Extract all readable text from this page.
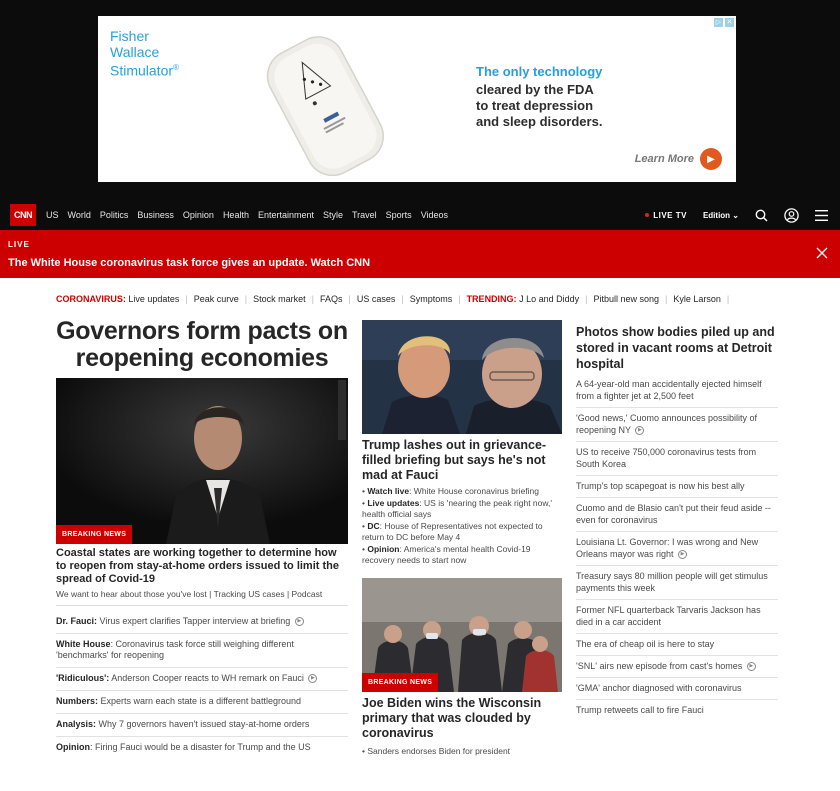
Fisher
Wallace
Stimulator®	The only technology
cleared by the FDA
to treat depression
and sleep disorders.
Learn More	▶
▷ ✕
CNN	US World Politics Business Opinion Health Entertainment Style Travel Sports Videos	LIVE TV Edition ⌄
LIVE
The White House coronavirus task force gives an update. Watch CNN
CORONAVIRUS:
Live updates | Peak curve | Stock market | FAQs | US cases | Symptoms | TRENDING:
J Lo and Diddy | Pitbull new song | Kyle Larson |
Governors form pacts on reopening economies
BREAKING NEWS
Coastal states are working together to determine how to reopen from stay-at-home orders issued to limit the spread of Covid-19
We want to hear about those you've lost | Tracking US cases | Podcast
Dr. Fauci: Virus expert clarifies Tapper interview at briefing ▶
White House: Coronavirus task force still weighing different 'benchmarks' for reopening
'Ridiculous': Anderson Cooper reacts to WH remark on Fauci ▶
Numbers: Experts warn each state is a different battleground
Analysis: Why 7 governors haven't issued stay-at-home orders
Opinion: Firing Fauci would be a disaster for Trump and the US
Trump lashes out in grievance-filled briefing but says he's not mad at Fauci
• Watch live: White House coronavirus briefing
• Live updates: US is 'nearing the peak right now,' health official says
• DC: House of Representatives not expected to return to DC before May 4
• Opinion: America's mental health Covid-19 recovery needs to start now
BREAKING NEWS
Joe Biden wins the Wisconsin primary that was clouded by coronavirus
• Sanders endorses Biden for president
Photos show bodies piled up and stored in vacant rooms at Detroit hospital
A 64-year-old man accidentally ejected himself from a fighter jet at 2,500 feet
'Good news,' Cuomo announces possibility of reopening NY ▶
US to receive 750,000 coronavirus tests from South Korea
Trump's top scapegoat is now his best ally
Cuomo and de Blasio can't put their feud aside -- even for coronavirus
Louisiana Lt. Governor: I was wrong and New Orleans mayor was right ▶
Treasury says 80 million people will get stimulus payments this week
Former NFL quarterback Tarvaris Jackson has died in a car accident
The era of cheap oil is here to stay
'SNL' airs new episode from cast's homes ▶
'GMA' anchor diagnosed with coronavirus
Trump retweets call to fire Fauci
